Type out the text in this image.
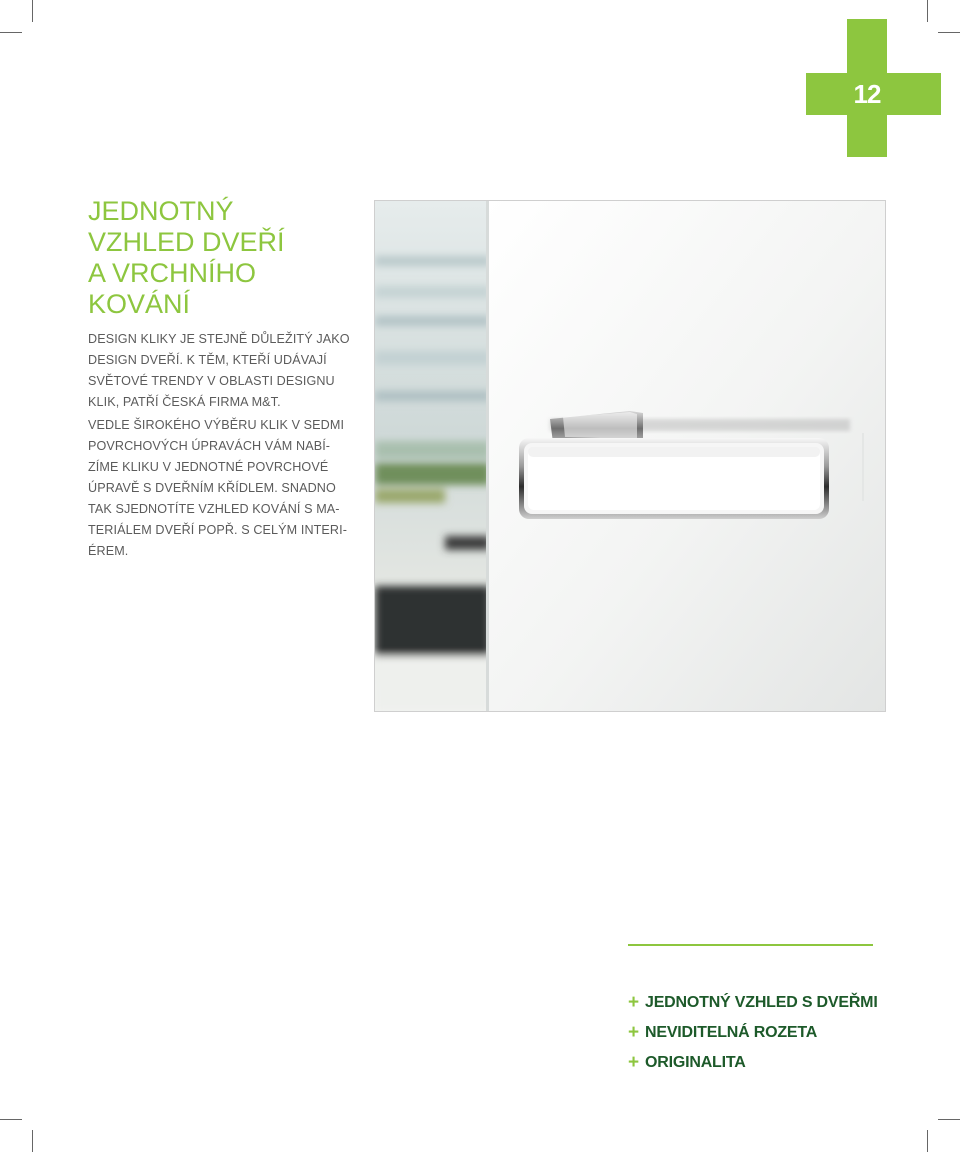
12
JEDNOTNÝ
VZHLED DVEŘÍ
A VRCHNÍHO
KOVÁNÍ

DESIGN KLIKY JE STEJNĚ DŮLEŽITÝ JAKO
DESIGN DVEŘÍ. K TĚM, KTEŘÍ UDÁVAJÍ
SVĚTOVÉ TRENDY V OBLASTI DESIGNU
KLIK, PATŘÍ ČESKÁ FIRMA M&T.

VEDLE ŠIROKÉHO VÝBĚRU KLIK V SEDMI
POVRCHOVÝCH ÚPRAVÁCH VÁM NABÍ-
ZÍME KLIKU V JEDNOTNÉ POVRCHOVÉ
ÚPRAVĚ S DVEŘNÍM KŘÍDLEM. SNADNO
TAK SJEDNOTÍTE VZHLED KOVÁNÍ S MA-
TERIÁLEM DVEŘÍ POPŘ. S CELÝM INTERI-
ÉREM.

+ JEDNOTNÝ VZHLED S DVEŘMI
+ NEVIDITELNÁ ROZETA
+ ORIGINALITA
